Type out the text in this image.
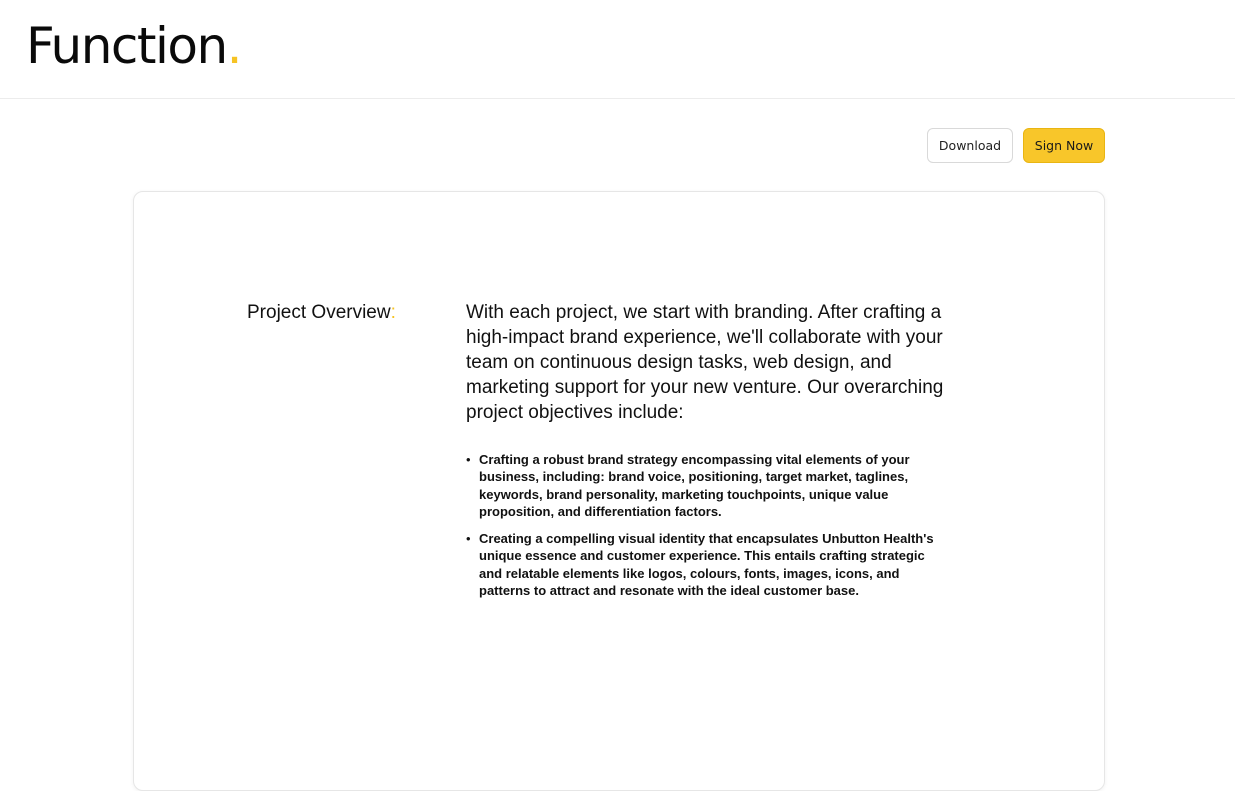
Function.
Download	Sign Now
Project Overview:	With each project, we start with branding. After crafting a high-impact brand experience, we'll collaborate with your team on continuous design tasks, web design, and marketing support for your new venture. Our overarching project objectives include:

• Crafting a robust brand strategy encompassing vital elements of your business, including: brand voice, positioning, target market, taglines, keywords, brand personality, marketing touchpoints, unique value proposition, and differentiation factors.
• Creating a compelling visual identity that encapsulates Unbutton Health's unique essence and customer experience. This entails crafting strategic and relatable elements like logos, colours, fonts, images, icons, and patterns to attract and resonate with the ideal customer base.
